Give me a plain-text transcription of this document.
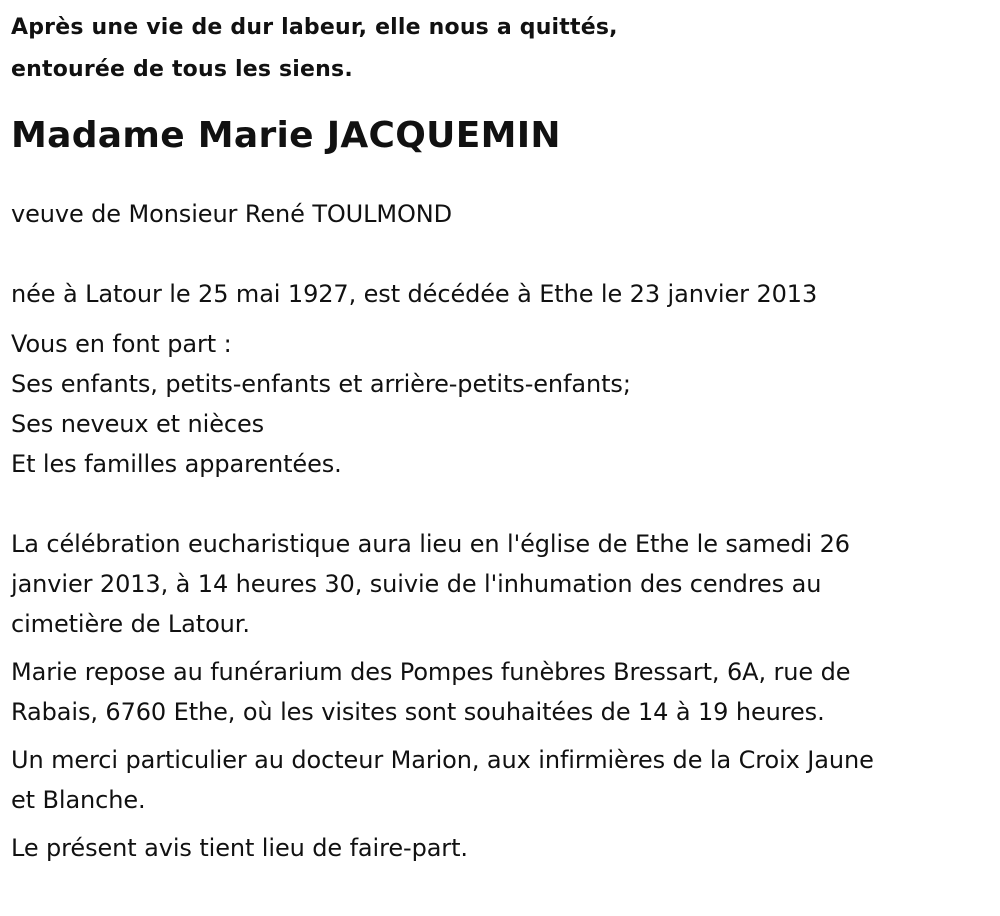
Après une vie de dur labeur, elle nous a quittés,

entourée de tous les siens.

Madame Marie JACQUEMIN

veuve de Monsieur René TOULMOND

née à Latour le 25 mai 1927, est décédée à Ethe le 23 janvier 2013

Vous en font part :

Ses enfants, petits-enfants et arrière-petits-enfants;

Ses neveux et nièces

Et les familles apparentées.

La célébration eucharistique aura lieu en l'église de Ethe le samedi 26

janvier 2013, à 14 heures 30, suivie de l'inhumation des cendres au

cimetière de Latour.

Marie repose au funérarium des Pompes funèbres Bressart, 6A, rue de

Rabais, 6760 Ethe, où les visites sont souhaitées de 14 à 19 heures.

Un merci particulier au docteur Marion, aux infirmières de la Croix Jaune

et Blanche.

Le présent avis tient lieu de faire-part.
